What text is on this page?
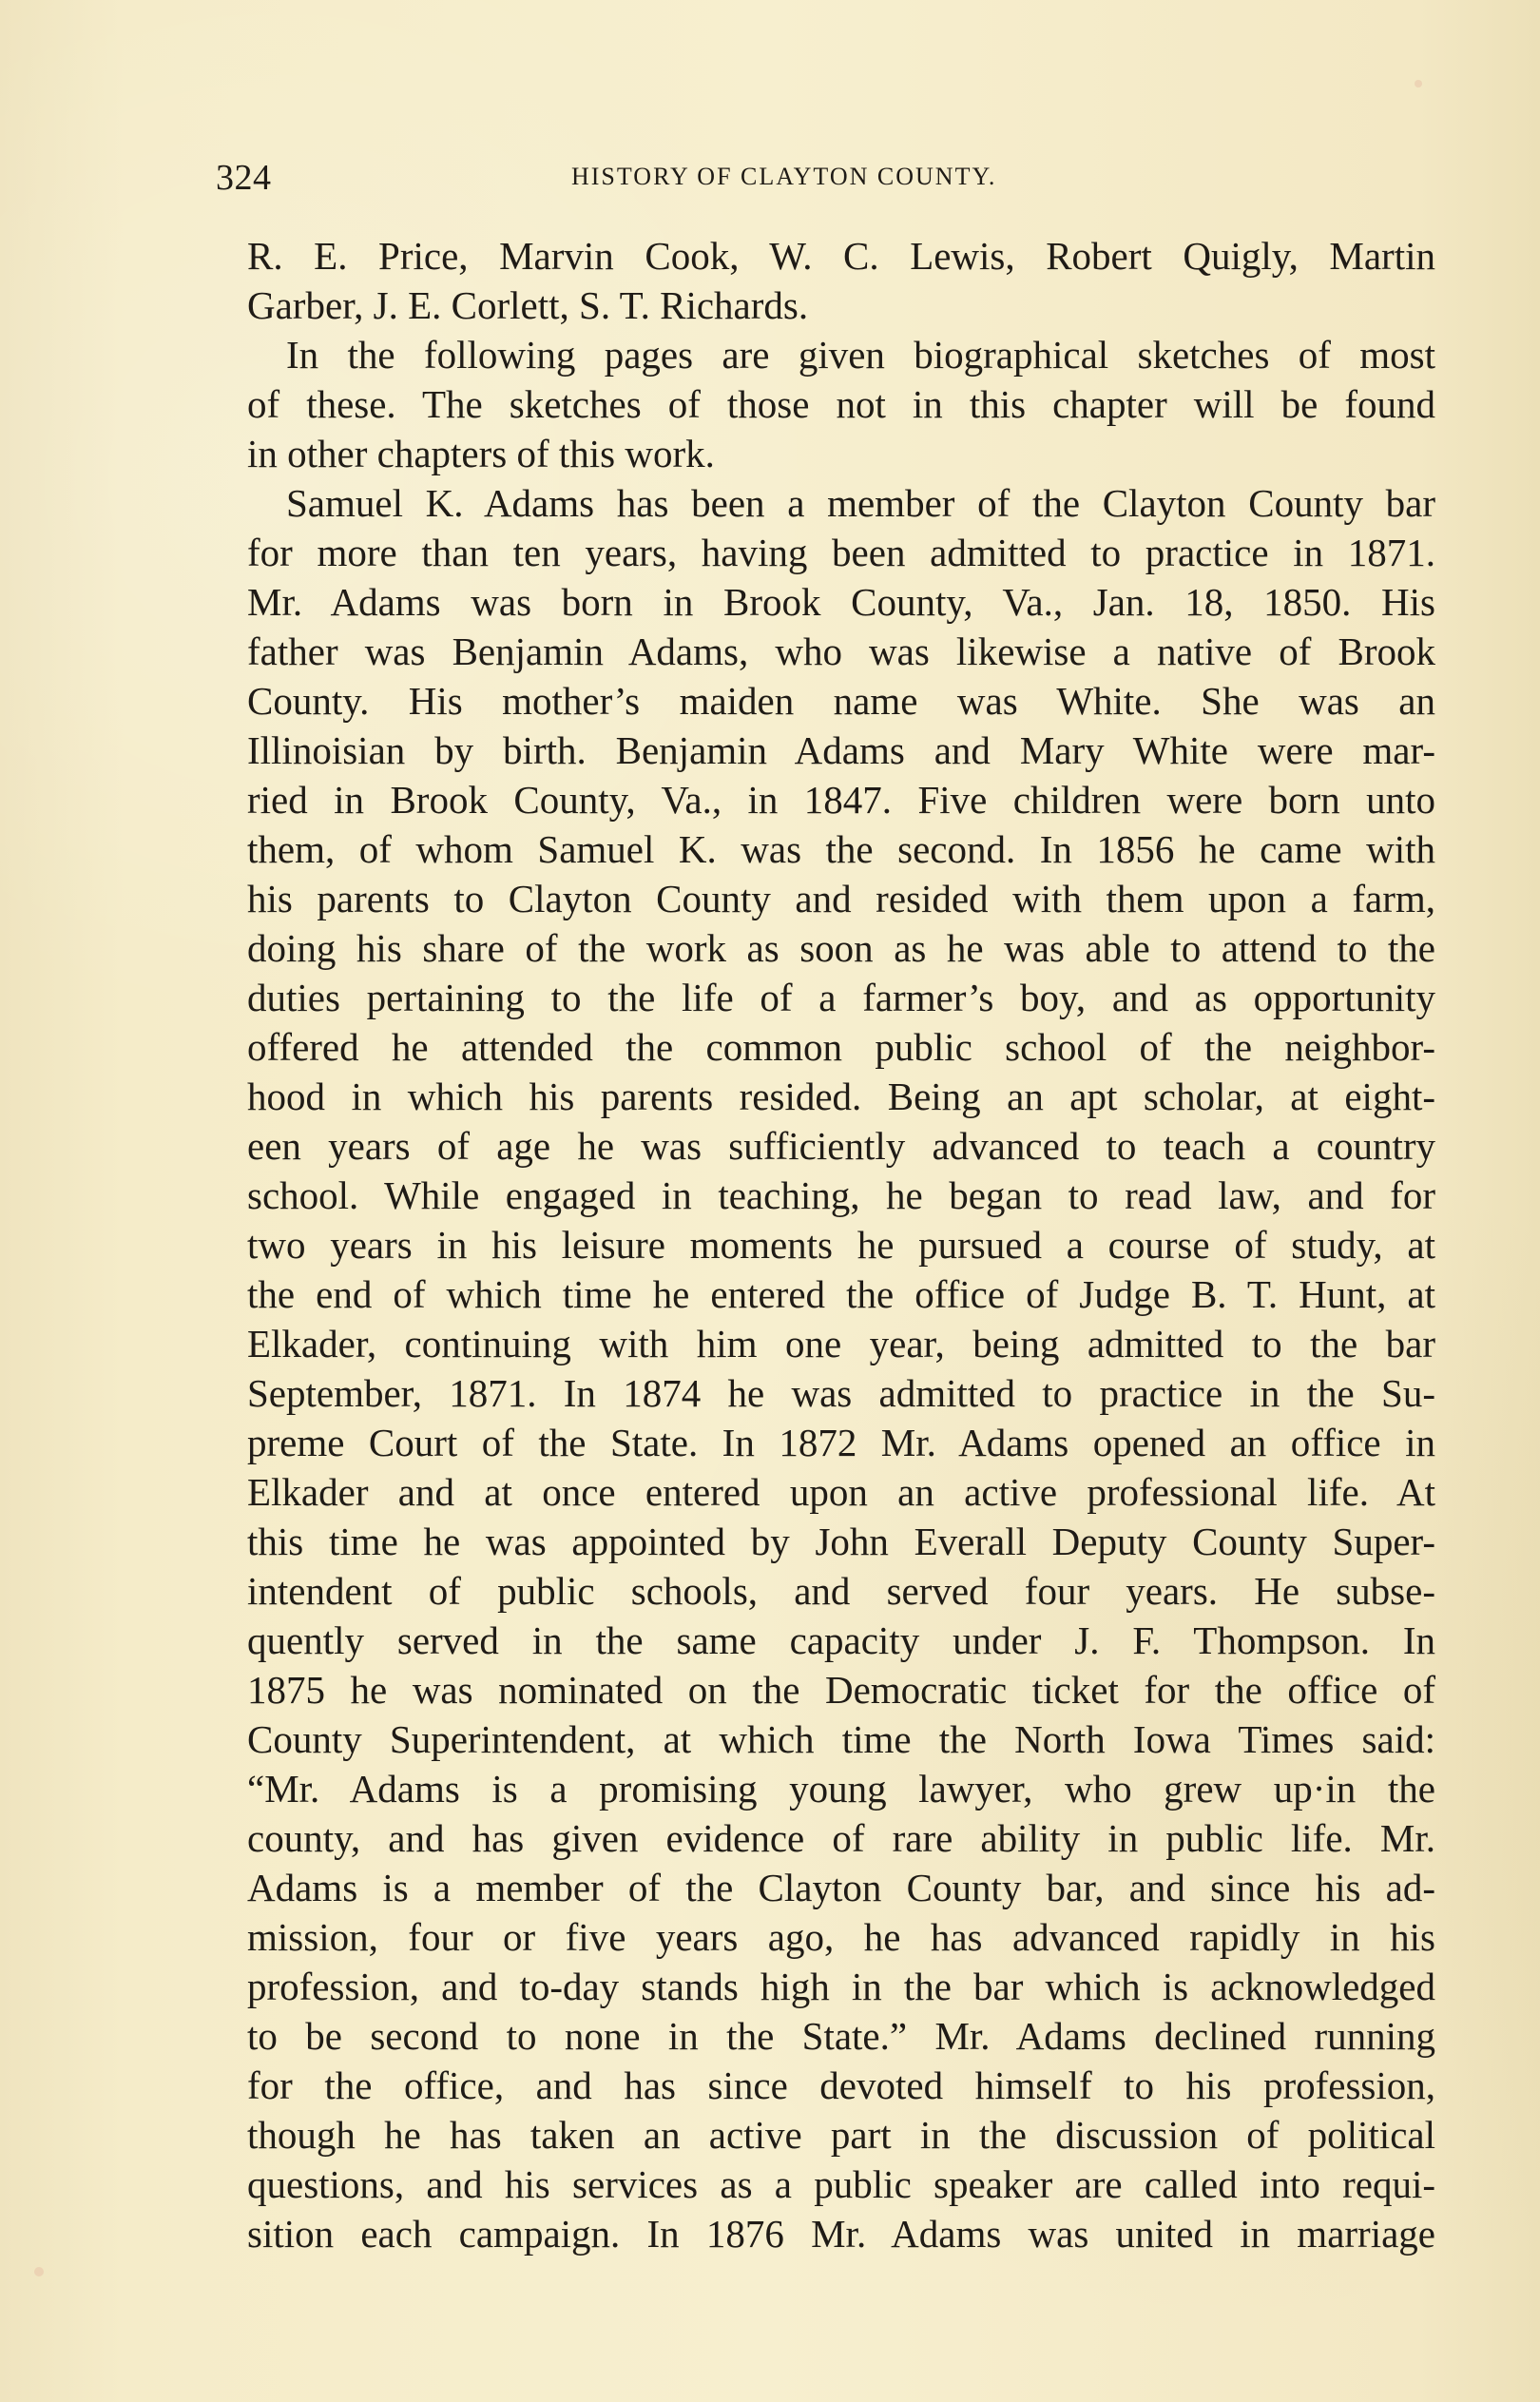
324	HISTORY OF CLAYTON COUNTY.
R. E. Price, Marvin Cook, W. C. Lewis, Robert Quigly, Martin
Garber, J. E. Corlett, S. T. Richards.
In the following pages are given biographical sketches of most
of these. The sketches of those not in this chapter will be found
in other chapters of this work.
Samuel K. Adams has been a member of the Clayton County bar
for more than ten years, having been admitted to practice in 1871.
Mr. Adams was born in Brook County, Va., Jan. 18, 1850. His
father was Benjamin Adams, who was likewise a native of Brook
County. His mother’s maiden name was White. She was an
Illinoisian by birth. Benjamin Adams and Mary White were mar-
ried in Brook County, Va., in 1847. Five children were born unto
them, of whom Samuel K. was the second. In 1856 he came with
his parents to Clayton County and resided with them upon a farm,
doing his share of the work as soon as he was able to attend to the
duties pertaining to the life of a farmer’s boy, and as opportunity
offered he attended the common public school of the neighbor-
hood in which his parents resided. Being an apt scholar, at eight-
een years of age he was sufficiently advanced to teach a country
school. While engaged in teaching, he began to read law, and for
two years in his leisure moments he pursued a course of study, at
the end of which time he entered the office of Judge B. T. Hunt, at
Elkader, continuing with him one year, being admitted to the bar
September, 1871. In 1874 he was admitted to practice in the Su-
preme Court of the State. In 1872 Mr. Adams opened an office in
Elkader and at once entered upon an active professional life. At
this time he was appointed by John Everall Deputy County Super-
intendent of public schools, and served four years. He subse-
quently served in the same capacity under J. F. Thompson. In
1875 he was nominated on the Democratic ticket for the office of
County Superintendent, at which time the North Iowa Times said:
“Mr. Adams is a promising young lawyer, who grew up·in the
county, and has given evidence of rare ability in public life. Mr.
Adams is a member of the Clayton County bar, and since his ad-
mission, four or five years ago, he has advanced rapidly in his
profession, and to-day stands high in the bar which is acknowledged
to be second to none in the State.” Mr. Adams declined running
for the office, and has since devoted himself to his profession,
though he has taken an active part in the discussion of political
questions, and his services as a public speaker are called into requi-
sition each campaign. In 1876 Mr. Adams was united in marriage
